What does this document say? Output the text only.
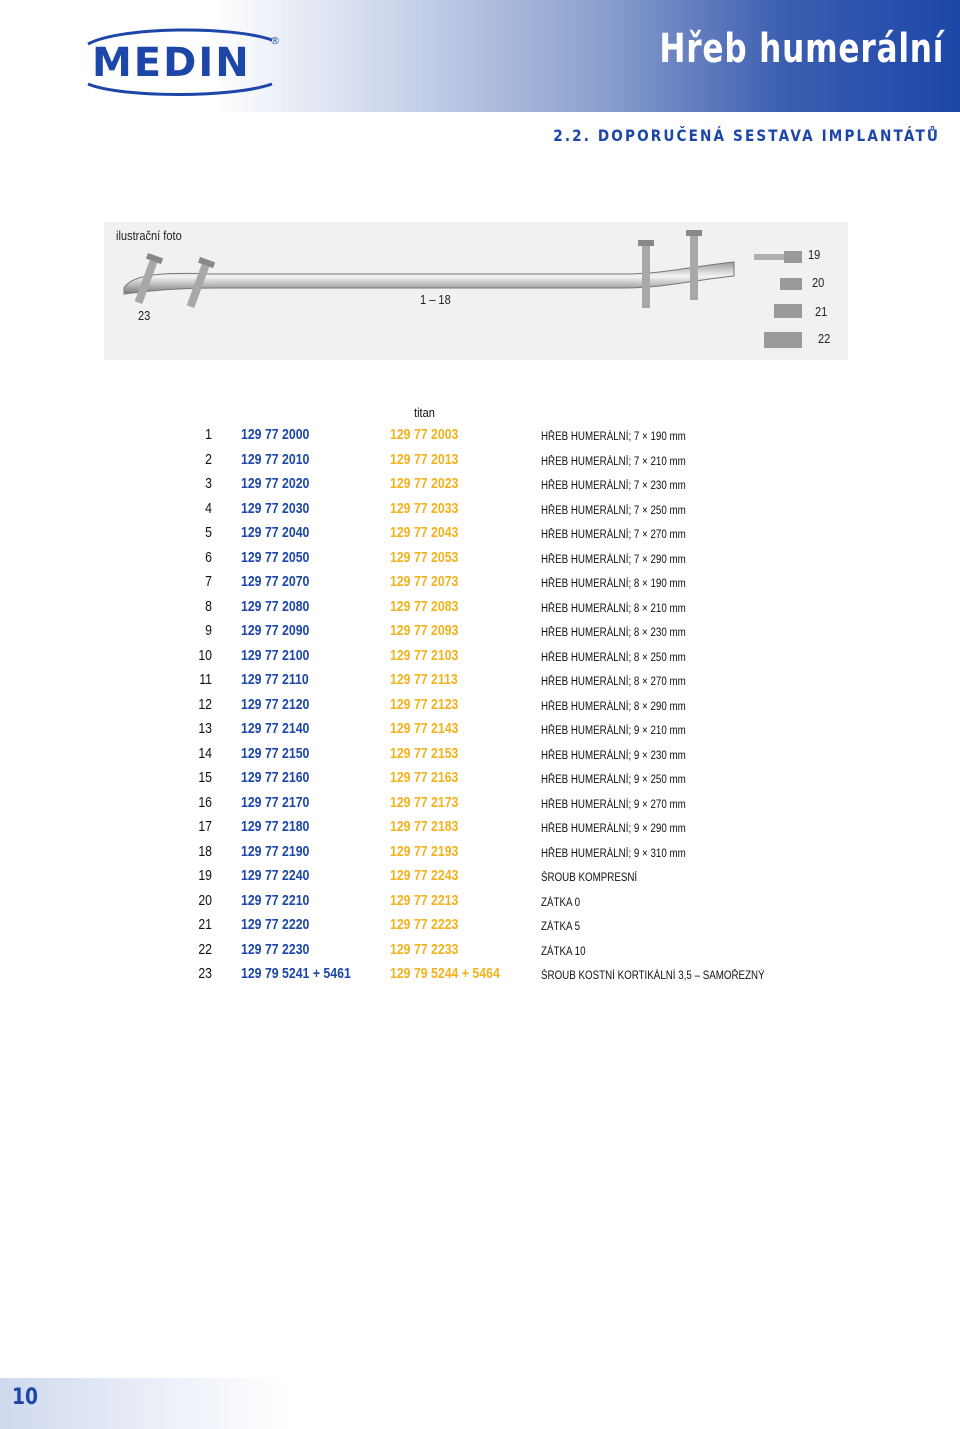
MEDIN ®	Hřeb humerální
2.2. DOPORUČENÁ SESTAVA IMPLANTÁTŮ
ilustrační foto
23
1 – 18
19
20
21
22
titan
1 129 77 2000	129 77 2003	HŘEB HUMERÁLNÍ; 7 × 190 mm
2 129 77 2010	129 77 2013	HŘEB HUMERÁLNÍ; 7 × 210 mm
3 129 77 2020	129 77 2023	HŘEB HUMERÁLNÍ; 7 × 230 mm
4 129 77 2030	129 77 2033	HŘEB HUMERÁLNÍ; 7 × 250 mm
5 129 77 2040	129 77 2043	HŘEB HUMERÁLNÍ; 7 × 270 mm
6 129 77 2050	129 77 2053	HŘEB HUMERÁLNÍ; 7 × 290 mm
7 129 77 2070	129 77 2073	HŘEB HUMERÁLNÍ; 8 × 190 mm
8 129 77 2080	129 77 2083	HŘEB HUMERÁLNÍ; 8 × 210 mm
9 129 77 2090	129 77 2093	HŘEB HUMERÁLNÍ; 8 × 230 mm
10 129 77 2100	129 77 2103	HŘEB HUMERÁLNÍ; 8 × 250 mm
11 129 77 2110	129 77 2113	HŘEB HUMERÁLNÍ; 8 × 270 mm
12 129 77 2120	129 77 2123	HŘEB HUMERÁLNÍ; 8 × 290 mm
13 129 77 2140	129 77 2143	HŘEB HUMERÁLNÍ; 9 × 210 mm
14 129 77 2150	129 77 2153	HŘEB HUMERÁLNÍ; 9 × 230 mm
15 129 77 2160	129 77 2163	HŘEB HUMERÁLNÍ; 9 × 250 mm
16 129 77 2170	129 77 2173	HŘEB HUMERÁLNÍ; 9 × 270 mm
17 129 77 2180	129 77 2183	HŘEB HUMERÁLNÍ; 9 × 290 mm
18 129 77 2190	129 77 2193	HŘEB HUMERÁLNÍ; 9 × 310 mm
19 129 77 2240	129 77 2243	ŠROUB KOMPRESNÍ
20 129 77 2210	129 77 2213	ZÁTKA 0
21 129 77 2220	129 77 2223	ZÁTKA 5
22 129 77 2230	129 77 2233	ZÁTKA 10
23 129 79 5241 + 5461	129 79 5244 + 5464	ŠROUB KOSTNÍ KORTIKÁLNÍ 3,5 – SAMOŘEZNÝ
10
